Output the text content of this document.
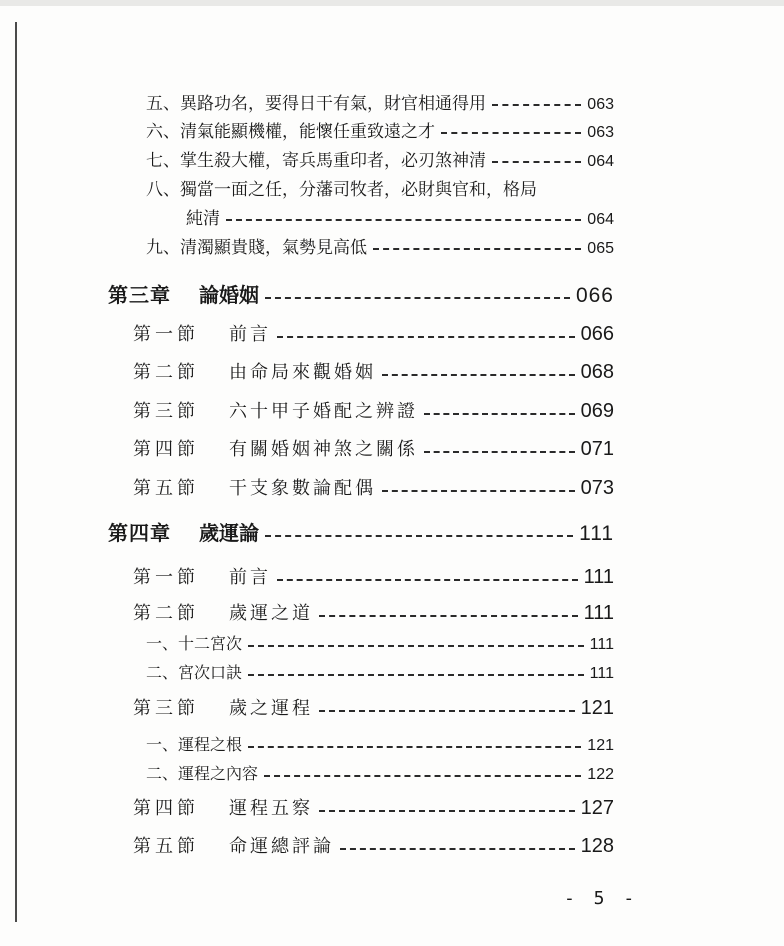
五、異路功名，要得日干有氣，財官相通得用	063
六、清氣能顯機權，能懷任重致遠之才	063
七、掌生殺大權，寄兵馬重印者，必刃煞神清	064
八、獨當一面之任，分藩司牧者，必財與官和，格局
純清	064
九、清濁顯貴賤，氣勢見高低	065
第三章 論婚姻	066
第一節 前言	066
第二節 由命局來觀婚姻	068
第三節 六十甲子婚配之辨證	069
第四節 有關婚姻神煞之關係	071
第五節 干支象數論配偶	073
第四章 歲運論	111
第一節 前言	111
第二節 歲運之道	111
一、十二宮次	111
二、宮次口訣	111
第三節 歲之運程	121
一、運程之根	121
二、運程之內容	122
第四節 運程五察	127
第五節 命運總評論	128
- 5 -
